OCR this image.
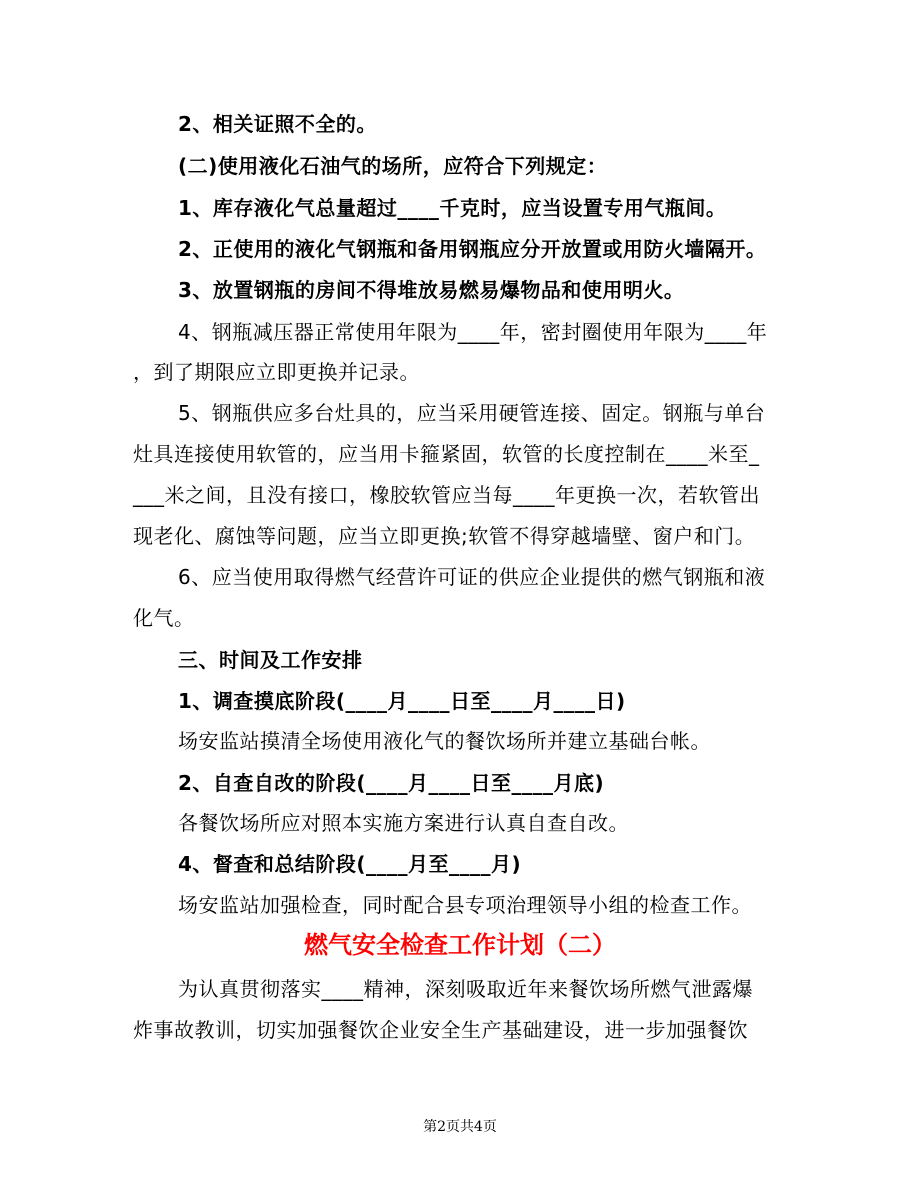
2、相关证照不全的。
(二)使用液化石油气的场所，应符合下列规定：
1、库存液化气总量超过____千克时，应当设置专用气瓶间。
2、正使用的液化气钢瓶和备用钢瓶应分开放置或用防火墙隔开。
3、放置钢瓶的房间不得堆放易燃易爆物品和使用明火。
4、钢瓶减压器正常使用年限为____年，密封圈使用年限为____年
，到了期限应立即更换并记录。
5、钢瓶供应多台灶具的，应当采用硬管连接、固定。钢瓶与单台
灶具连接使用软管的，应当用卡箍紧固，软管的长度控制在____米至_
___米之间，且没有接口，橡胶软管应当每____年更换一次，若软管出
现老化、腐蚀等问题，应当立即更换;软管不得穿越墙壁、窗户和门。
6、应当使用取得燃气经营许可证的供应企业提供的燃气钢瓶和液
化气。
三、时间及工作安排
1、调查摸底阶段(____月____日至____月____日)
场安监站摸清全场使用液化气的餐饮场所并建立基础台帐。
2、自查自改的阶段(____月____日至____月底)
各餐饮场所应对照本实施方案进行认真自查自改。
4、督查和总结阶段(____月至____月)
场安监站加强检查，同时配合县专项治理领导小组的检查工作。
燃气安全检查工作计划（二）
为认真贯彻落实____精神，深刻吸取近年来餐饮场所燃气泄露爆
炸事故教训，切实加强餐饮企业安全生产基础建设，进一步加强餐饮
第2页共4页
